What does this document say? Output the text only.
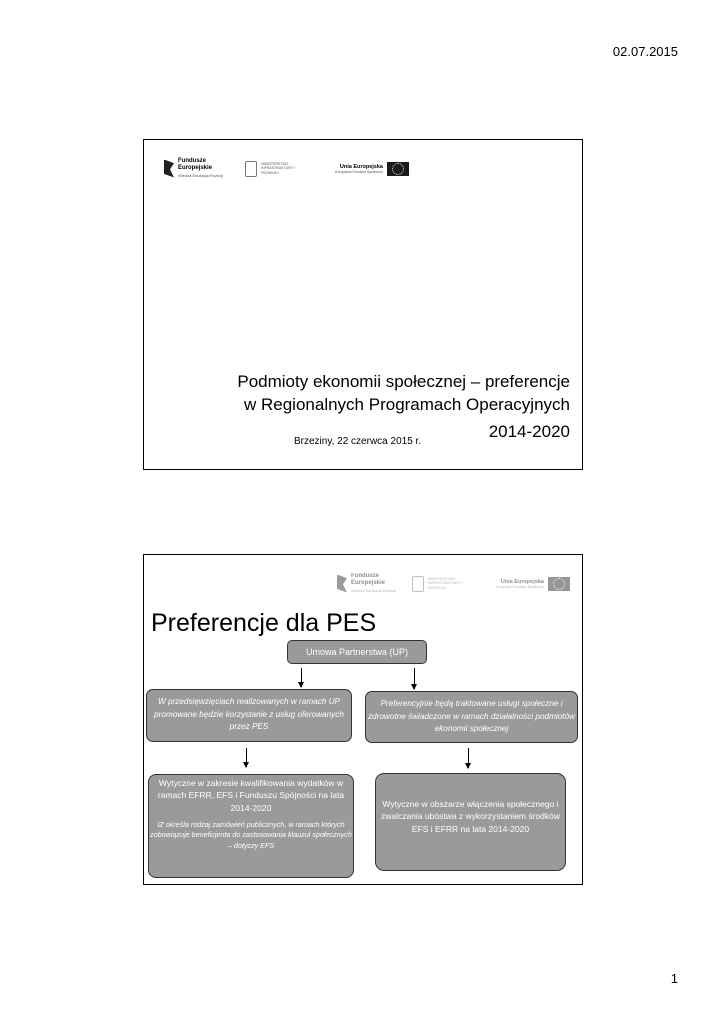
02.07.2015
Fundusze
Europejskie
Wiedza Edukacja Rozwój
MINISTERSTWO INFRASTRUKTURY I ROZWOJU
Unia Europejska
Europejski Fundusz Społeczny
Podmioty ekonomii społecznej – preferencje
w Regionalnych Programach Operacyjnych

2014-2020
Brzeziny, 22 czerwca 2015 r.
Fundusze
Europejskie
Wiedza Edukacja Rozwój
MINISTERSTWO INFRASTRUKTURY I ROZWOJU
Unia Europejska
Europejski Fundusz Społeczny
Preferencje dla PES
Umowa Partnerstwa (UP)
W przedsięwzięciach realizowanych w ramach UP promowane będzie korzystanie z usług oferowanych przez PES
Preferencyjnie będą traktowane usługi społeczne i zdrowotne świadczone w ramach działalności podmiotów ekonomii społecznej
Wytyczne w zakresie kwalifikowania wydatków w ramach EFRR, EFS i Funduszu Spójności na lata 2014-2020
IZ określa rodzaj zamówień publicznych, w ramach których zobowiązuje beneficjenta do zastosowania klauzul społecznych – dotyczy EFS
Wytyczne w obszarze włączenia społecznego i zwalczania ubóstwa z wykorzystaniem środków EFS i EFRR na lata 2014-2020
1
